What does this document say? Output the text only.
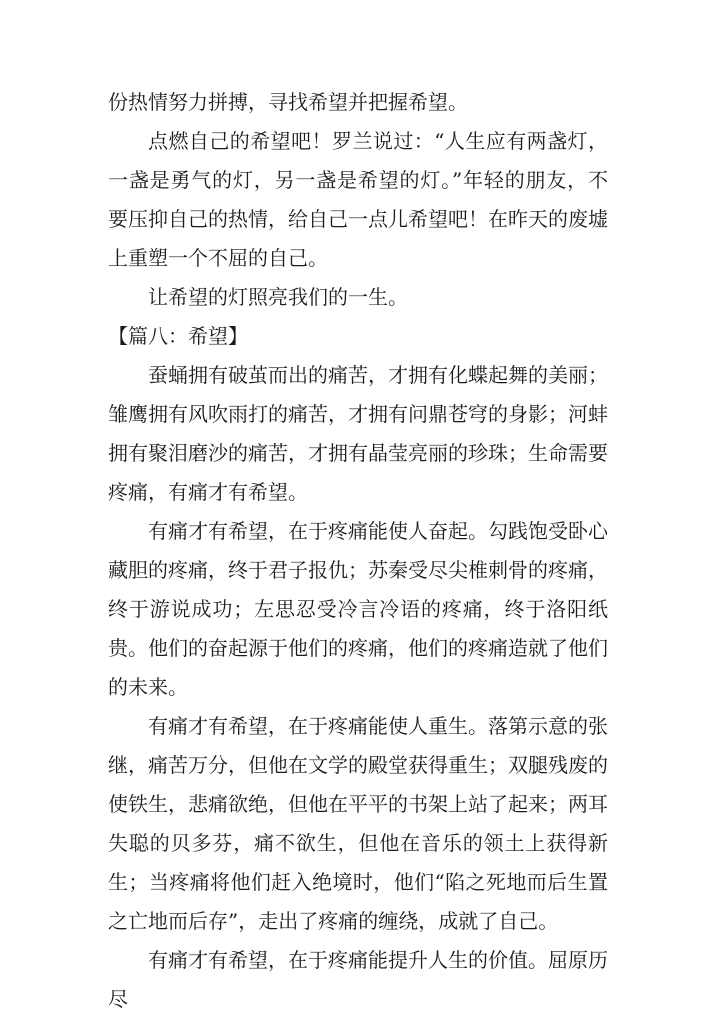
份热情努力拼搏，寻找希望并把握希望。

点燃自己的希望吧！罗兰说过：“人生应有两盏灯，一盏是勇气的灯，另一盏是希望的灯。”年轻的朋友，不要压抑自己的热情，给自己一点儿希望吧！在昨天的废墟上重塑一个不屈的自己。

让希望的灯照亮我们的一生。

【篇八：希望】

蚕蛹拥有破茧而出的痛苦，才拥有化蝶起舞的美丽；雏鹰拥有风吹雨打的痛苦，才拥有问鼎苍穹的身影；河蚌拥有聚泪磨沙的痛苦，才拥有晶莹亮丽的珍珠；生命需要疼痛，有痛才有希望。

有痛才有希望，在于疼痛能使人奋起。勾践饱受卧心藏胆的疼痛，终于君子报仇；苏秦受尽尖椎刺骨的疼痛，终于游说成功；左思忍受冷言冷语的疼痛，终于洛阳纸贵。他们的奋起源于他们的疼痛，他们的疼痛造就了他们的未来。

有痛才有希望，在于疼痛能使人重生。落第示意的张继，痛苦万分，但他在文学的殿堂获得重生；双腿残废的使铁生，悲痛欲绝，但他在平平的书架上站了起来；两耳失聪的贝多芬，痛不欲生，但他在音乐的领土上获得新生；当疼痛将他们赶入绝境时，他们“陷之死地而后生置之亡地而后存”，走出了疼痛的缠绕，成就了自己。

有痛才有希望，在于疼痛能提升人生的价值。屈原历尽
